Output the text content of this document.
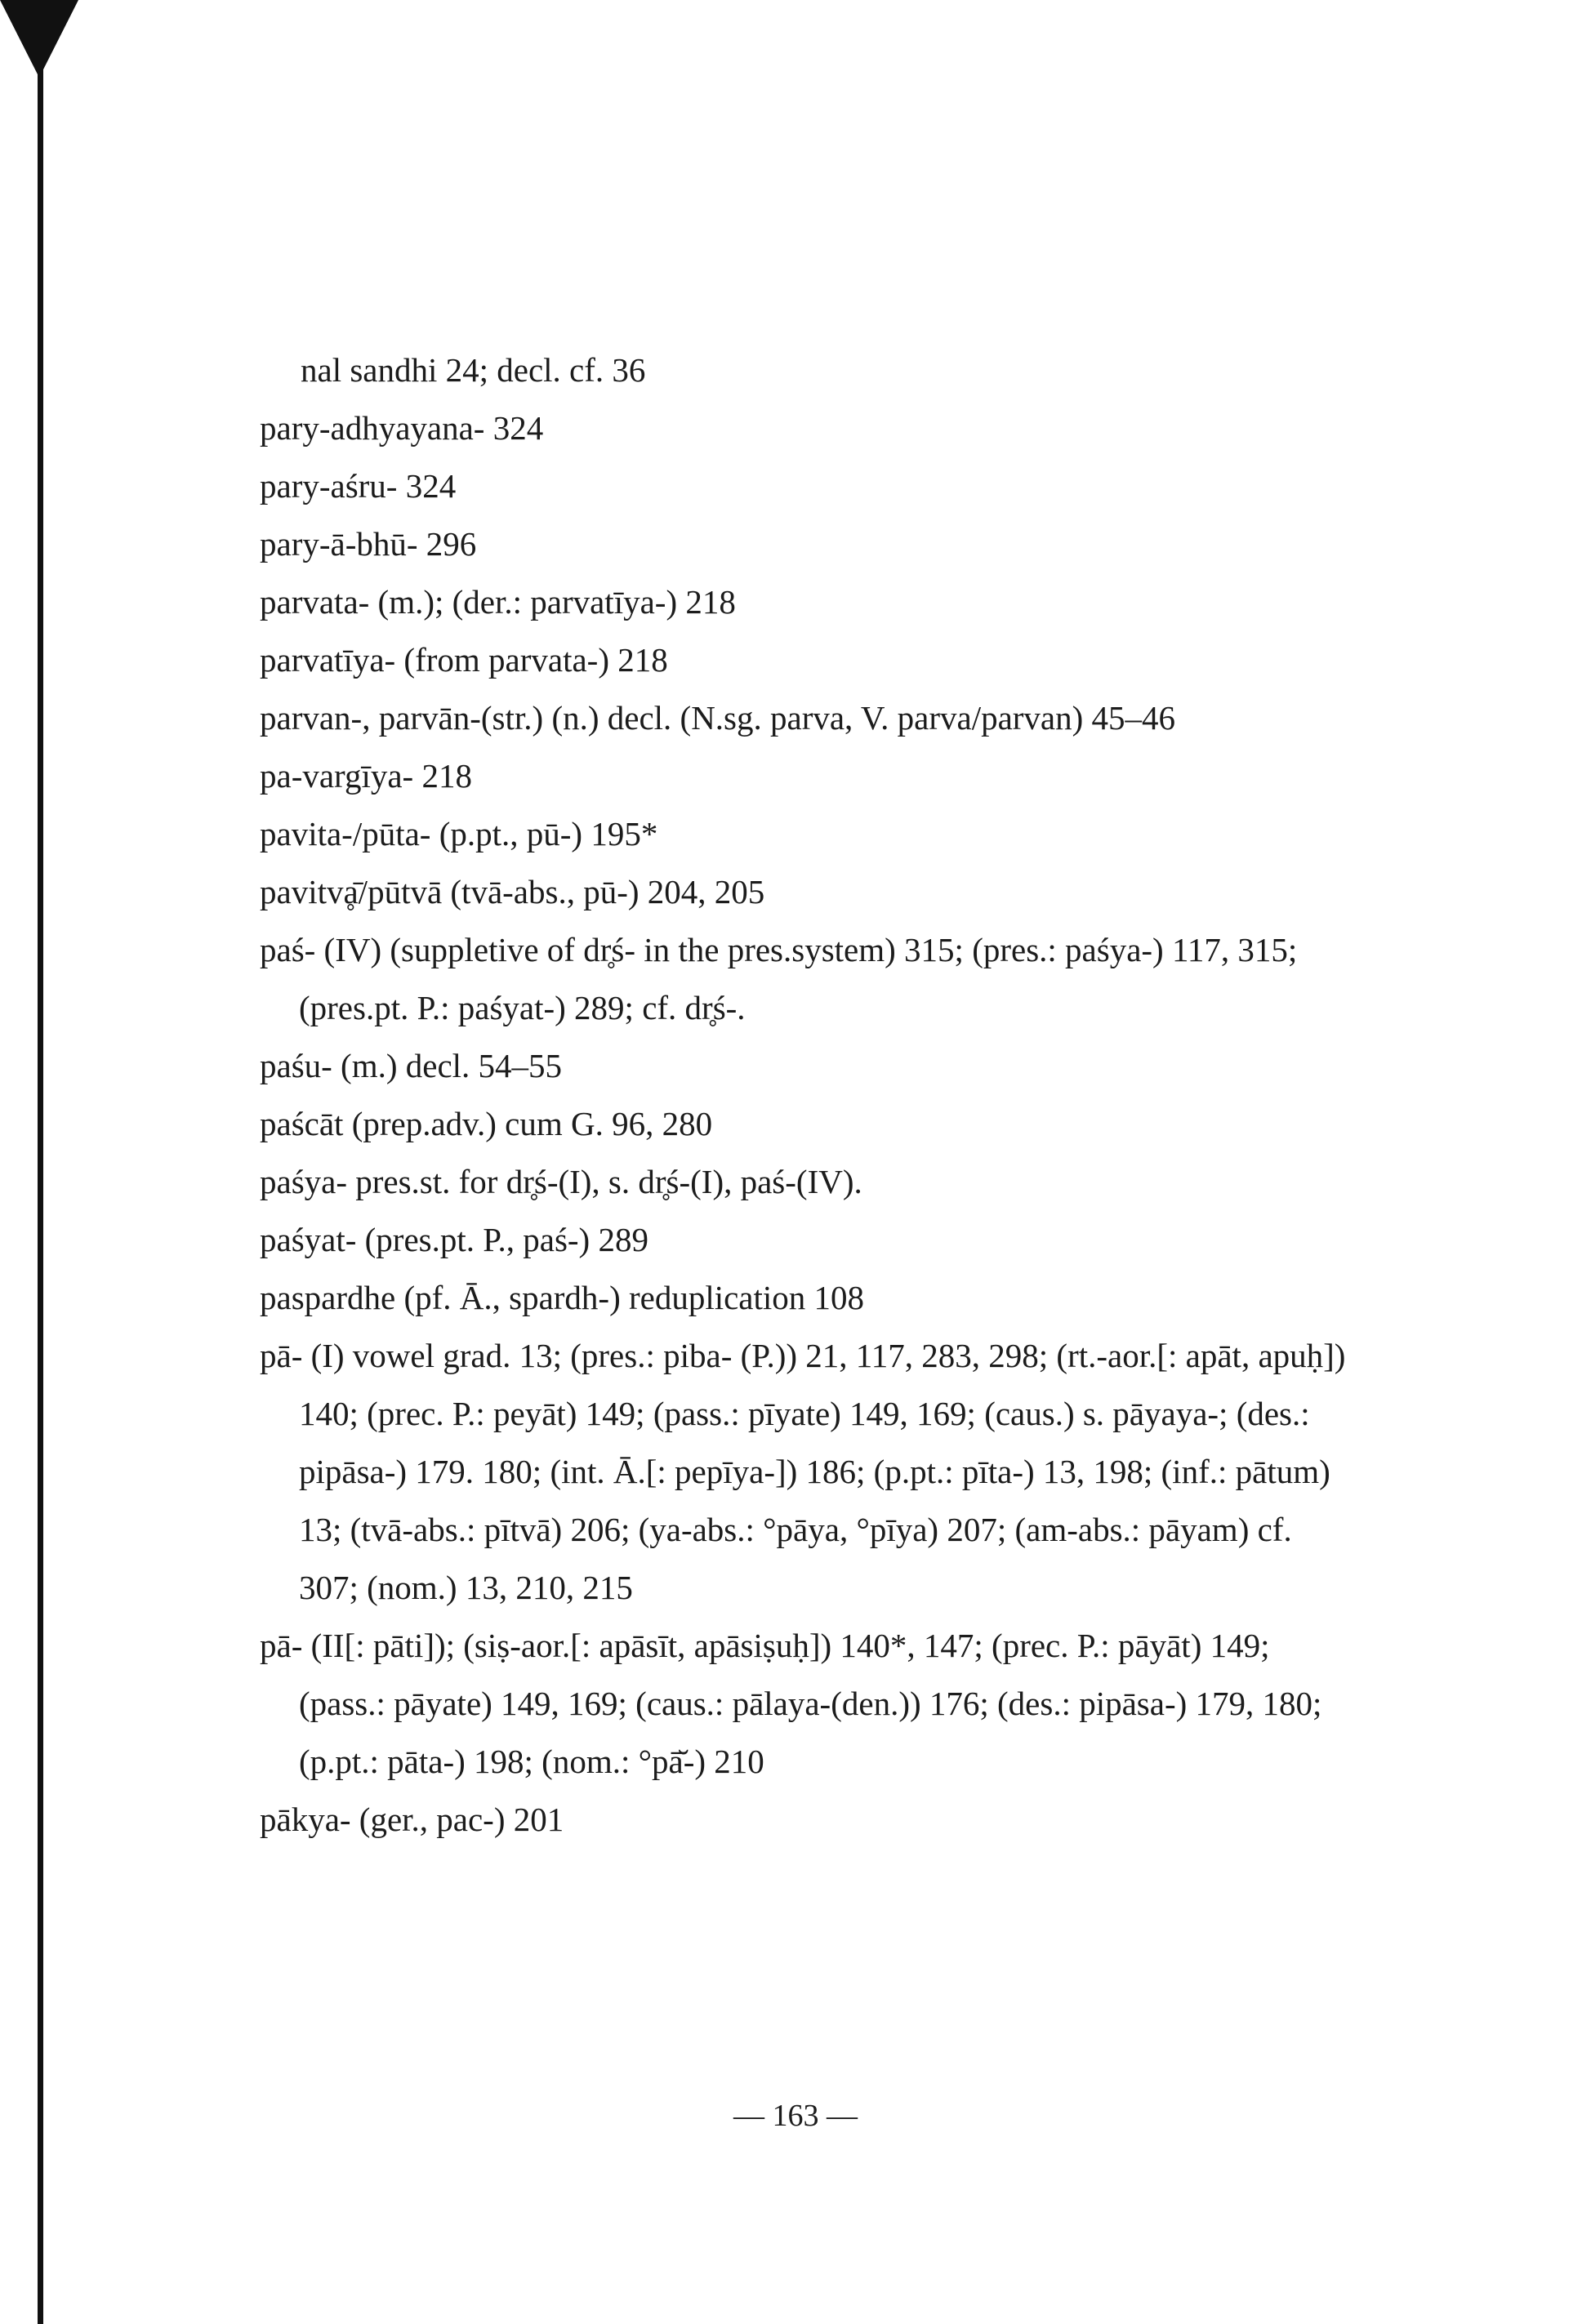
nal sandhi 24; decl. cf. 36
pary-adhyayana- 324
pary-aśru- 324
pary-ā-bhū- 296
parvata- (m.); (der.: parvatīya-) 218
parvatīya- (from parvata-) 218
parvan-, parvān-(str.) (n.) decl. (N.sg. parva, V. parva/parvan) 45–46
pa-vargīya- 218
pavita-/pūta- (p.pt., pū-) 195*
pavitvḁ̄/pūtvā (tvā-abs., pū-) 204, 205
paś- (IV) (suppletive of dr̥ś- in the pres.system) 315; (pres.: paśya-) 117, 315; (pres.pt. P.: paśyat-) 289; cf. dr̥ś-.
paśu- (m.) decl. 54–55
paścāt (prep.adv.) cum G. 96, 280
paśya- pres.st. for dr̥ś-(I), s. dr̥ś-(I), paś-(IV).
paśyat- (pres.pt. P., paś-) 289
paspardhe (pf. Ā., spardh-) reduplication 108
pā- (I) vowel grad. 13; (pres.: piba- (P.)) 21, 117, 283, 298; (rt.-aor.[: apāt, apuḥ]) 140; (prec. P.: peyāt) 149; (pass.: pīyate) 149, 169; (caus.) s. pāyaya-; (des.: pipāsa-) 179. 180; (int. Ā.[: pepīya-]) 186; (p.pt.: pīta-) 13, 198; (inf.: pātum) 13; (tvā-abs.: pītvā) 206; (ya-abs.: °pāya, °pīya) 207; (am-abs.: pāyam) cf. 307; (nom.) 13, 210, 215
pā- (II[: pāti]); (siṣ-aor.[: apāsīt, apāsiṣuḥ]) 140*, 147; (prec. P.: pāyāt) 149; (pass.: pāyate) 149, 169; (caus.: pālaya-(den.)) 176; (des.: pipāsa-) 179, 180; (p.pt.: pāta-) 198; (nom.: °pā̆-) 210
pākya- (ger., pac-) 201
— 163 —
